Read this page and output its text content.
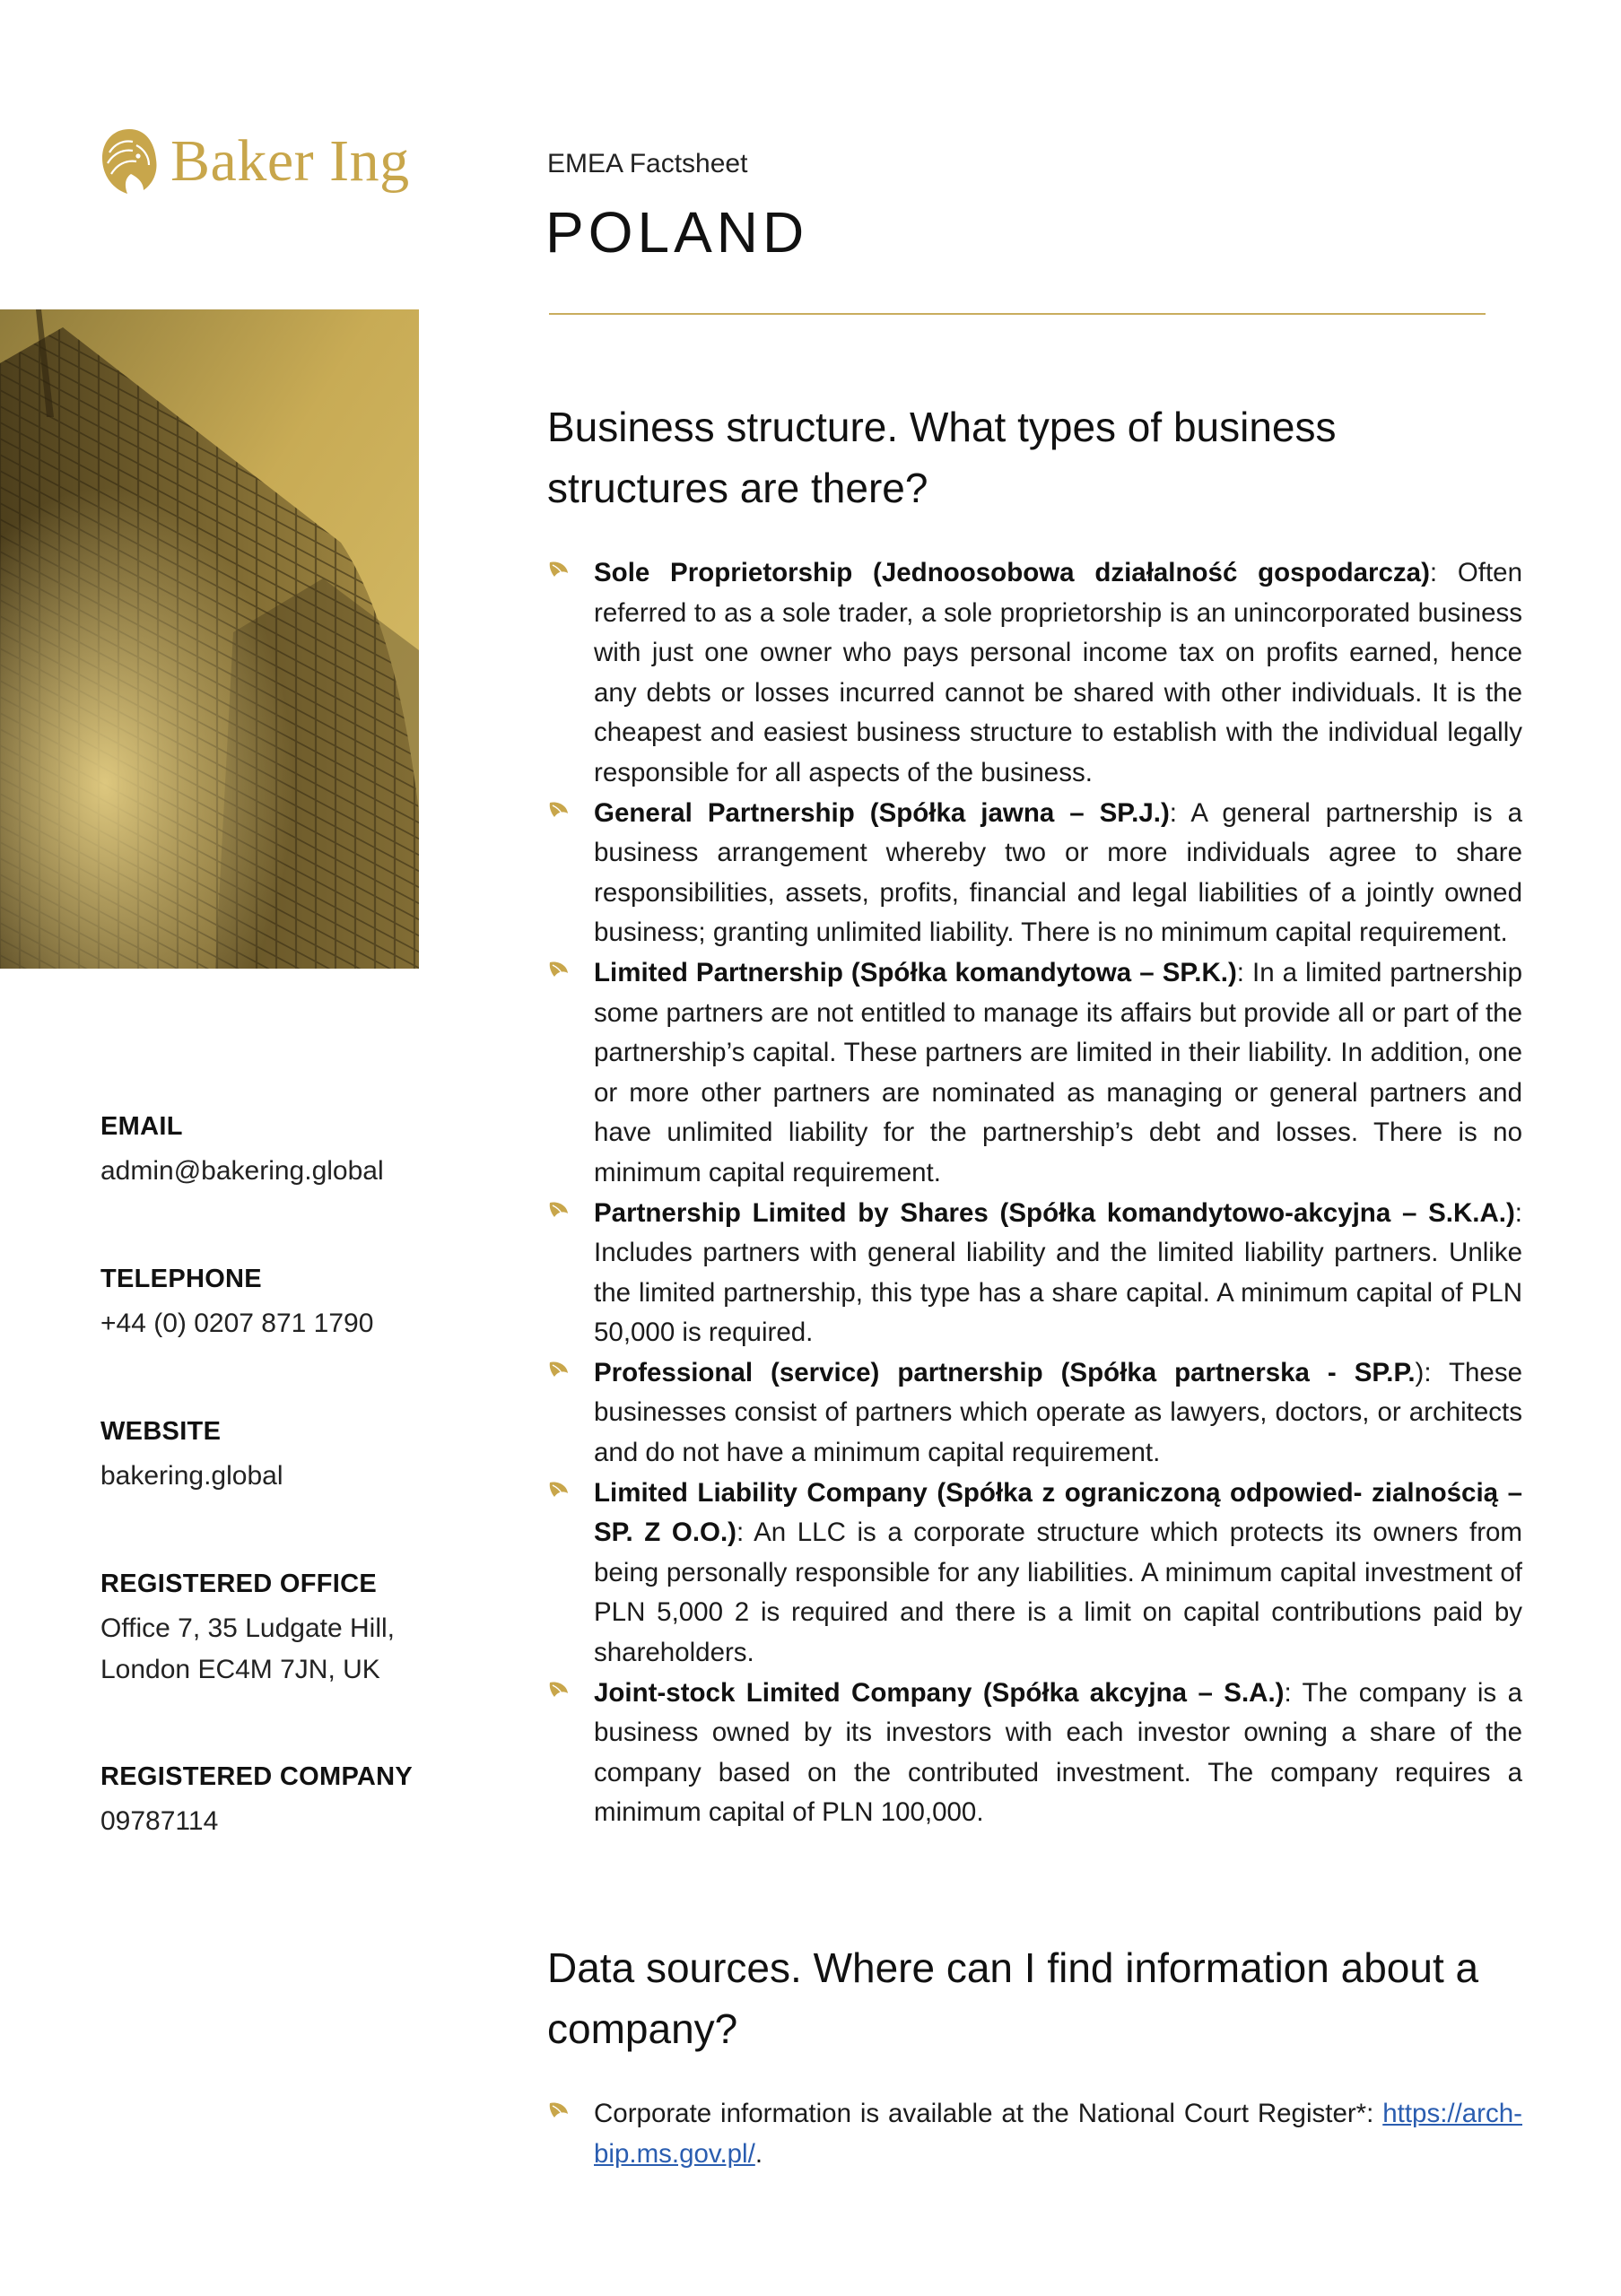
Baker Ing	EMEA Factsheet
POLAND
EMAIL
admin@bakering.global
TELEPHONE
+44 (0) 0207 871 1790
WEBSITE
bakering.global
REGISTERED OFFICE
Office 7, 35 Ludgate Hill,
London EC4M 7JN, UK
REGISTERED COMPANY
09787114
Business structure. What types of business
structures are there?
Sole Proprietorship (Jednoosobowa działalność gospodarcza): Often referred to as a sole trader, a sole proprietorship is an unincorporated business with just one owner who pays personal income tax on profits earned, hence any debts or losses incurred cannot be shared with other individuals. It is the cheapest and easiest business structure to establish with the individual legally responsible for all aspects of the business.
General Partnership (Spółka jawna – SP.J.): A general partnership is a business arrangement whereby two or more individuals agree to share responsibilities, assets, profits, financial and legal liabilities of a jointly owned business; granting unlimited liability. There is no minimum capital requirement.
Limited Partnership (Spółka komandytowa – SP.K.): In a limited partnership some partners are not entitled to manage its affairs but provide all or part of the partnership’s capital. These partners are limited in their liability. In addition, one or more other partners are nominated as managing or general partners and have unlimited liability for the partnership’s debt and losses. There is no minimum capital requirement.
Partnership Limited by Shares (Spółka komandytowo-akcyjna – S.K.A.): Includes partners with general liability and the limited liability partners. Unlike the limited partnership, this type has a share capital. A minimum capital of PLN 50,000 is required.
Professional (service) partnership (Spółka partnerska - SP.P.): These businesses consist of partners which operate as lawyers, doctors, or architects and do not have a minimum capital requirement.
Limited Liability Company (Spółka z ograniczoną odpowied- zialnością – SP. Z O.O.): An LLC is a corporate structure which protects its owners from being personally responsible for any liabilities. A minimum capital investment of PLN 5,000 2 is required and there is a limit on capital contributions paid by shareholders.
Joint-stock Limited Company (Spółka akcyjna – S.A.): The company is a business owned by its investors with each investor owning a share of the company based on the contributed investment. The company requires a minimum capital of PLN 100,000.
Data sources. Where can I find information about a
company?
Corporate information is available at the National Court Register*: https://arch-bip.ms.gov.pl/.
